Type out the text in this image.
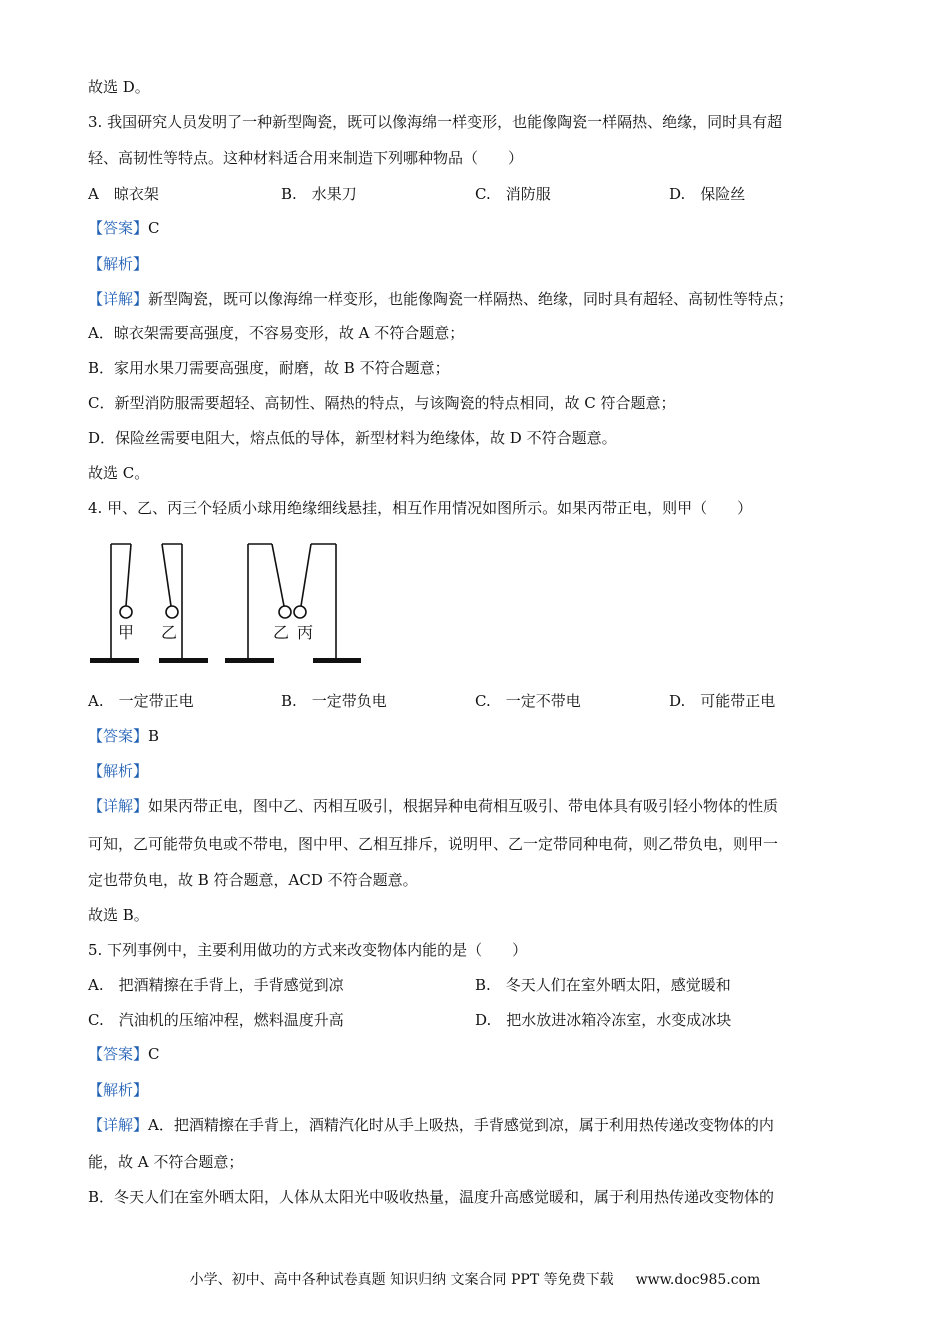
故选 D。
3. 我国研究人员发明了一种新型陶瓷，既可以像海绵一样变形，也能像陶瓷一样隔热、绝缘，同时具有超
轻、高韧性等特点。这种材料适合用来制造下列哪种物品（　　）
A　晾衣架	B.　水果刀	C.　消防服	D.　保险丝
【答案】C
【解析】
【详解】新型陶瓷，既可以像海绵一样变形，也能像陶瓷一样隔热、绝缘，同时具有超轻、高韧性等特点；
A．晾衣架需要高强度，不容易变形，故 A 不符合题意；
B．家用水果刀需要高强度，耐磨，故 B 不符合题意；
C．新型消防服需要超轻、高韧性、隔热的特点，与该陶瓷的特点相同，故 C 符合题意；
D．保险丝需要电阻大，熔点低的导体，新型材料为绝缘体，故 D 不符合题意。
故选 C。
4. 甲、乙、丙三个轻质小球用绝缘细线悬挂，相互作用情况如图所示。如果丙带正电，则甲（　　）
甲 乙	乙 丙
A.　一定带正电	B.　一定带负电	C.　一定不带电	D.　可能带正电
【答案】B
【解析】
【详解】如果丙带正电，图中乙、丙相互吸引，根据异种电荷相互吸引、带电体具有吸引轻小物体的性质
可知，乙可能带负电或不带电，图中甲、乙相互排斥，说明甲、乙一定带同种电荷，则乙带负电，则甲一
定也带负电，故 B 符合题意，ACD 不符合题意。
故选 B。
5. 下列事例中，主要利用做功的方式来改变物体内能的是（　　）
A.　把酒精擦在手背上，手背感觉到凉	B.　冬天人们在室外晒太阳，感觉暖和
C.　汽油机的压缩冲程，燃料温度升高	D.　把水放进冰箱冷冻室，水变成冰块
【答案】C
【解析】
【详解】A．把酒精擦在手背上，酒精汽化时从手上吸热，手背感觉到凉，属于利用热传递改变物体的内
能，故 A 不符合题意；
B．冬天人们在室外晒太阳，人体从太阳光中吸收热量，温度升高感觉暖和，属于利用热传递改变物体的
小学、初中、高中各种试卷真题 知识归纳 文案合同 PPT 等免费下载 www.doc985.com
